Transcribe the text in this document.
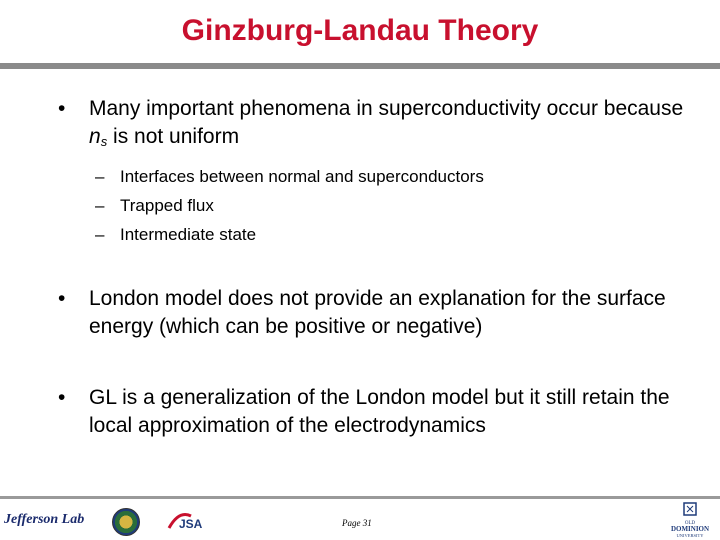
Ginzburg-Landau Theory
• Many important phenomena in superconductivity occur because $n_s$ is not uniform
– Interfaces between normal and superconductors
– Trapped flux
– Intermediate state
• London model does not provide an explanation for the surface energy (which can be positive or negative)
• GL is a generalization of the London model but it still retain the local approximation of the electrodynamics
Jefferson Lab	JSA	Page 31	OLD
DOMINION
UNIVERSITY
